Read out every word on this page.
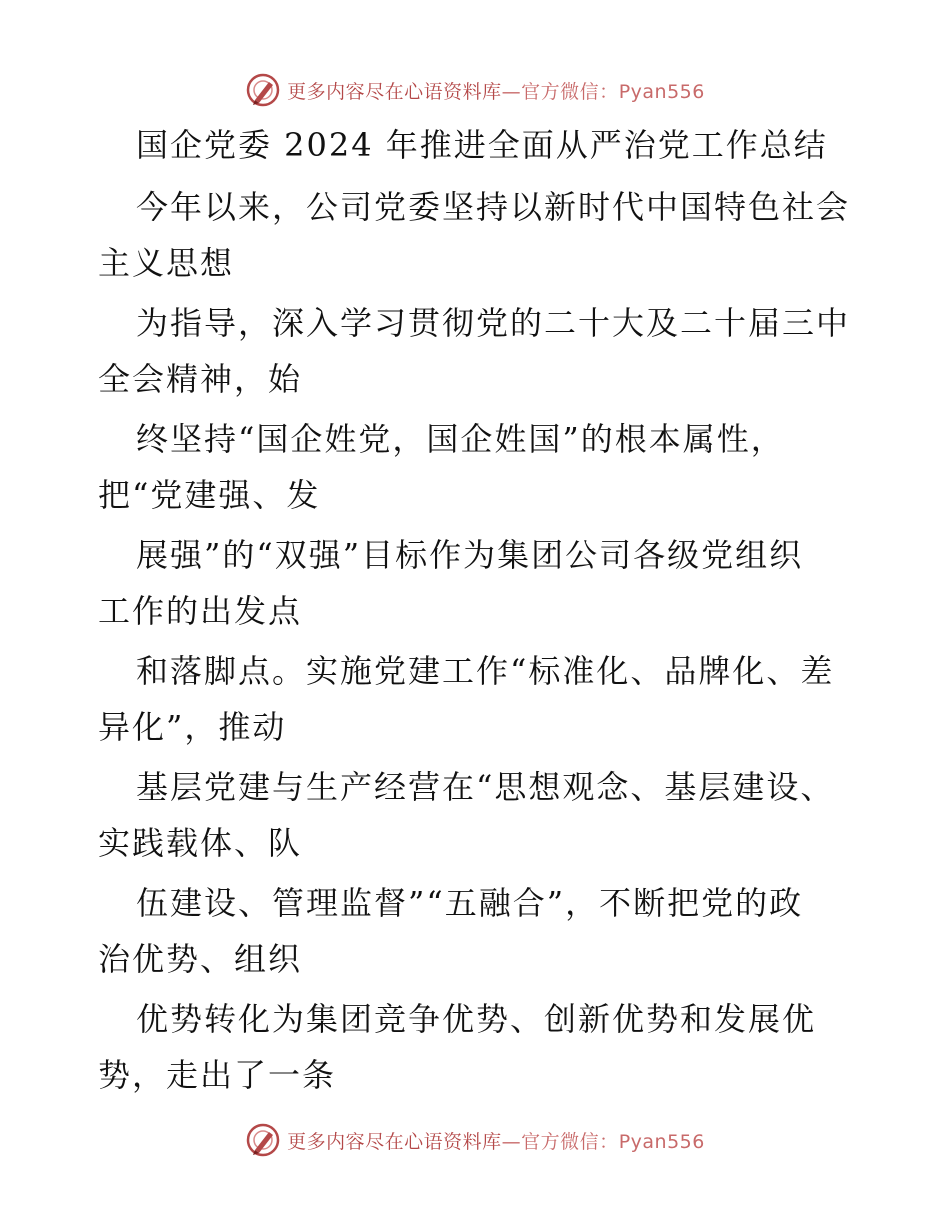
更多内容尽在心语资料库—官方微信：Pyan556
国企党委 2024 年推进全面从严治党工作总结
今年以来，公司党委坚持以新时代中国特色社会
主义思想
为指导，深入学习贯彻党的二十大及二十届三中
全会精神，始
终坚持“国企姓党，国企姓国”的根本属性，
把“党建强、发
展强”的“双强”目标作为集团公司各级党组织
工作的出发点
和落脚点。实施党建工作“标准化、品牌化、差
异化”，推动
基层党建与生产经营在“思想观念、基层建设、
实践载体、队
伍建设、管理监督”“五融合”，不断把党的政
治优势、组织
优势转化为集团竞争优势、创新优势和发展优
势，走出了一条
更多内容尽在心语资料库—官方微信：Pyan556
